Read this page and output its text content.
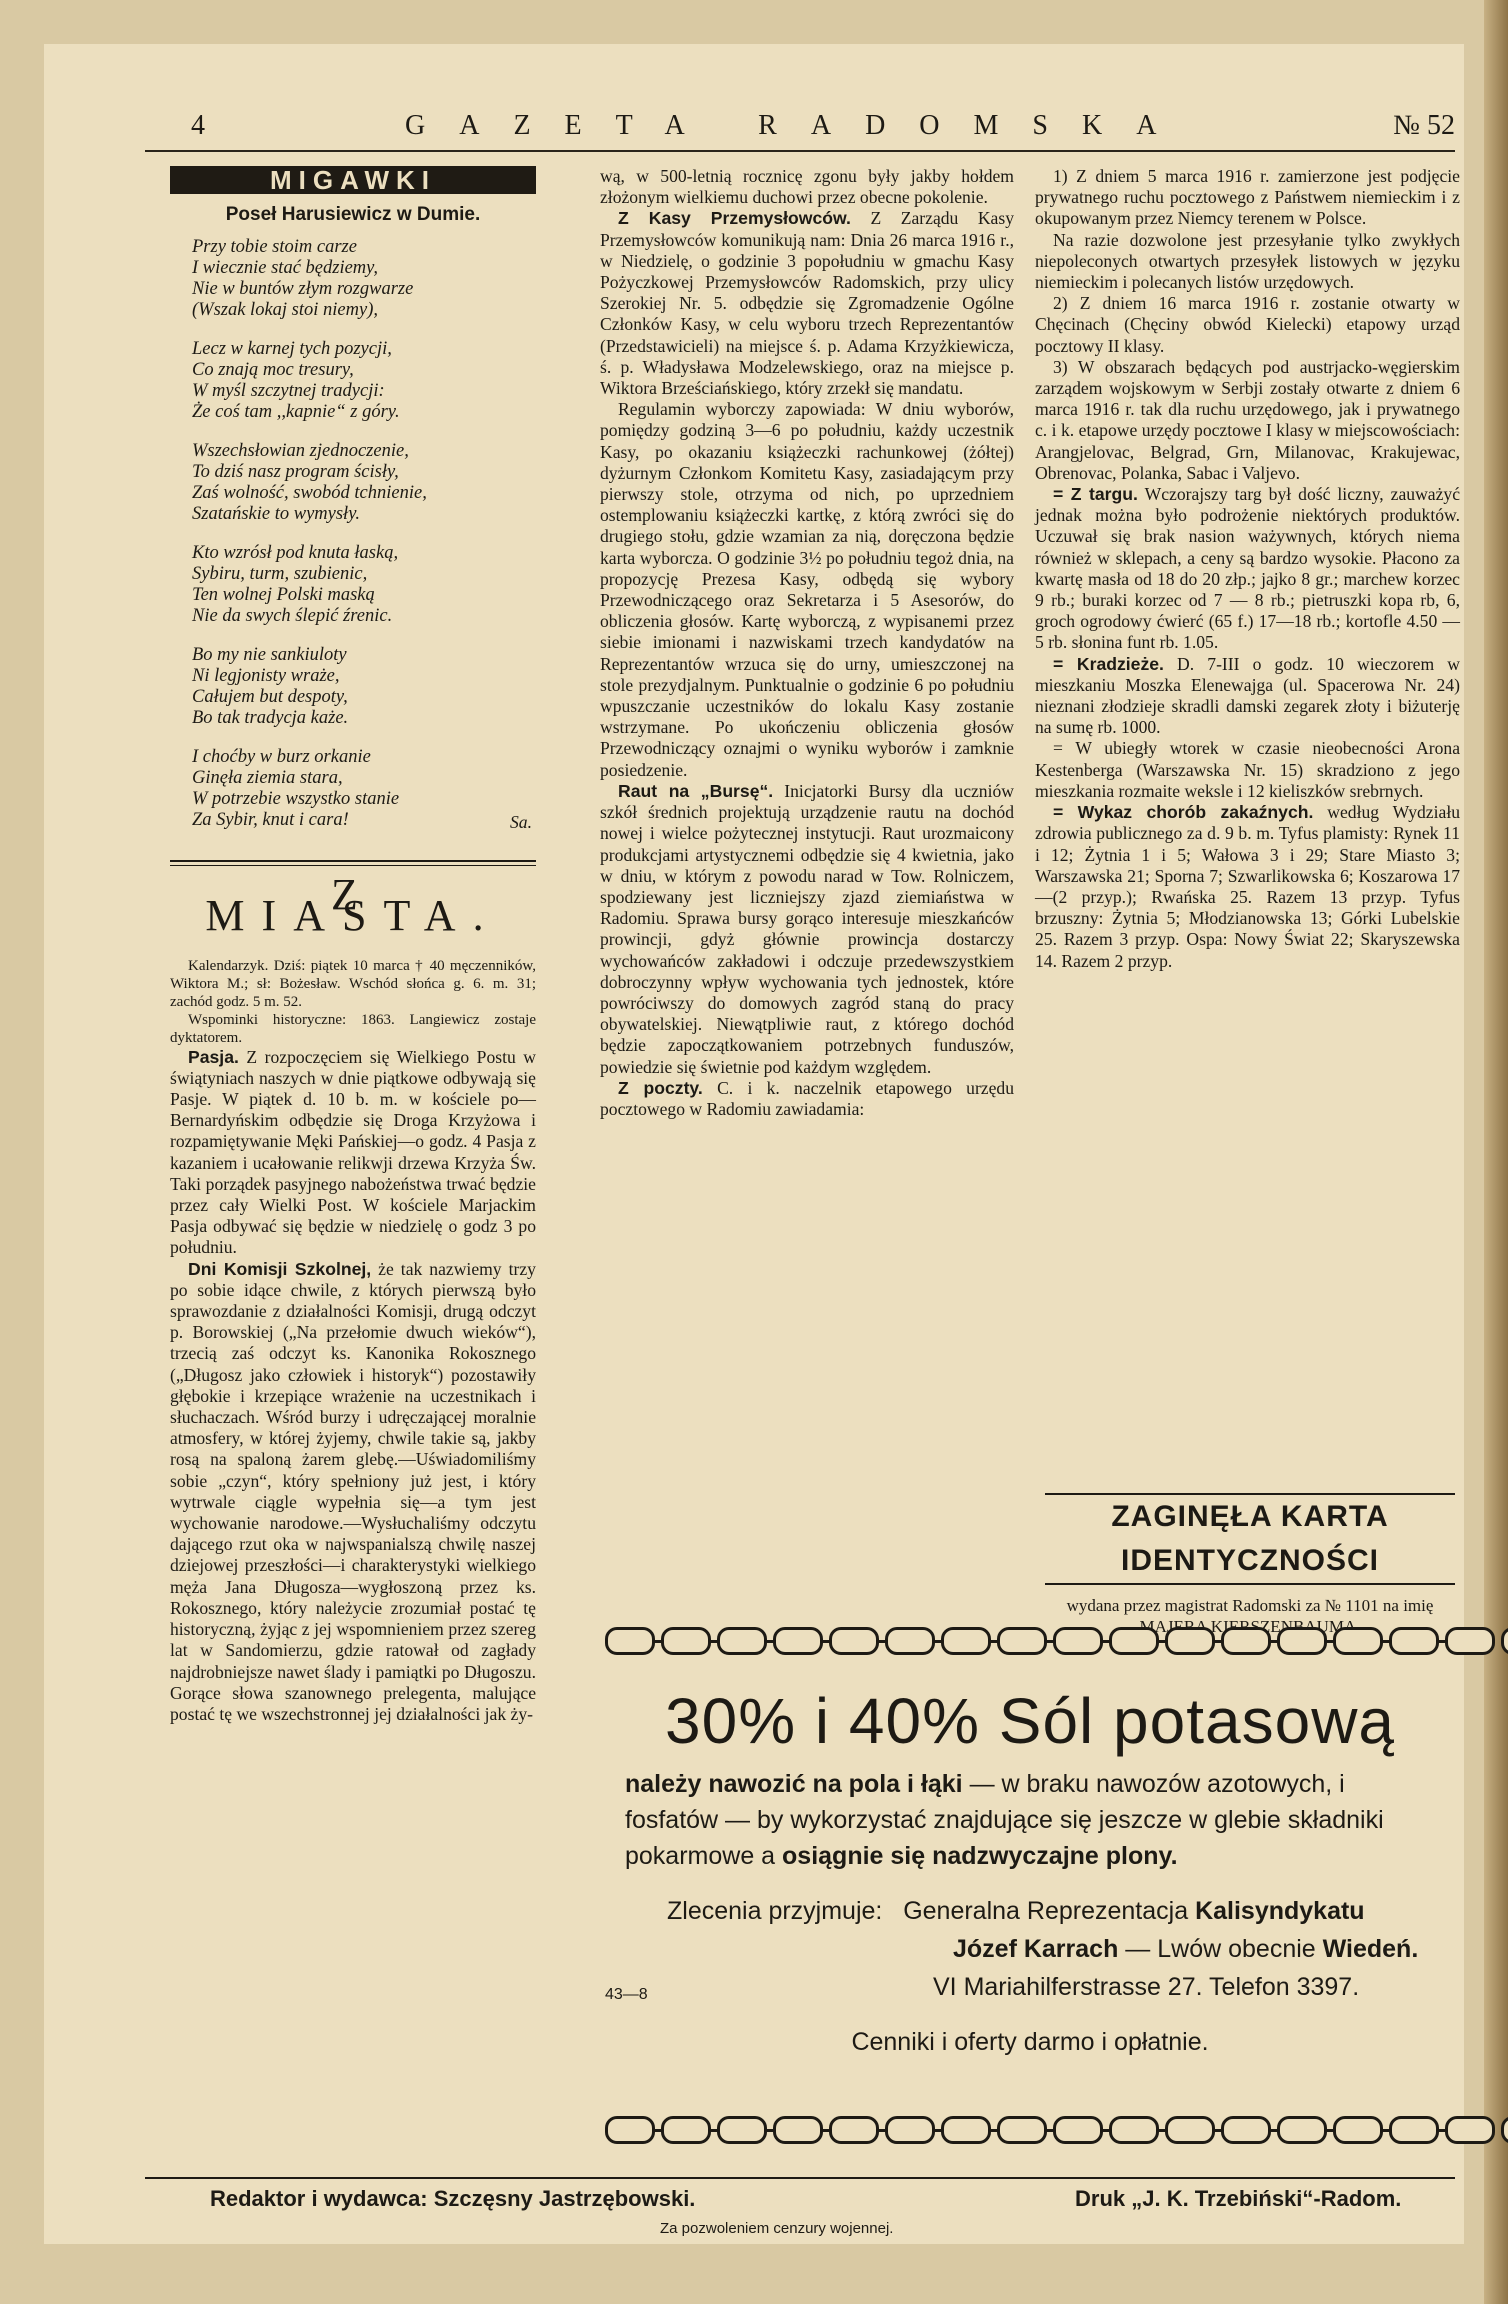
4	GAZETA RADOMSKA	№ 52
MIGAWKI
Poseł Harusiewicz w Dumie.
Przy tobie stoim carze
I wiecznie stać będziemy,
Nie w buntów złym rozgwarze
(Wszak lokaj stoi niemy),
Lecz w karnej tych pozycji,
Co znają moc tresury,
W myśl szczytnej tradycji:
Że coś tam ,,kapnie“ z góry.
Wszechsłowian zjednoczenie,
To dziś nasz program ścisły,
Zaś wolność, swobód tchnienie,
Szatańskie to wymysły.
Kto wzrósł pod knuta łaską,
Sybiru, turm, szubienic,
Ten wolnej Polski maską
Nie da swych ślepić źrenic.
Bo my nie sankiuloty
Ni legjonisty wraże,
Całujem but despoty,
Bo tak tradycja każe.
I choćby w burz orkanie
Ginęła ziemia stara,
W potrzebie wszystko stanie
Za Sybir, knut i cara!	Sa.
Z MIASTA.

Kalendarzyk. Dziś: piątek 10 marca † 40 męczenników, Wiktora M.; sł: Bożesław. Wschód słońca g. 6. m. 31; zachód godz. 5 m. 52.

Wspominki historyczne: 1863. Langiewicz zostaje dyktatorem.

Pasja. Z rozpoczęciem się Wielkiego Postu w świątyniach naszych w dnie piątkowe odbywają się Pasje. W piątek d. 10 b. m. w kościele po—Bernardyńskim odbędzie się Droga Krzyżowa i rozpamiętywanie Męki Pańskiej—o godz. 4 Pasja z kazaniem i ucałowanie relikwji drzewa Krzyża Św. Taki porządek pasyjnego nabożeństwa trwać będzie przez cały Wielki Post. W kościele Marjackim Pasja odbywać się będzie w niedzielę o godz 3 po południu.

Dni Komisji Szkolnej, że tak nazwiemy trzy po sobie idące chwile, z których pierwszą było sprawozdanie z działalności Komisji, drugą odczyt p. Borowskiej („Na przełomie dwuch wieków“), trzecią zaś odczyt ks. Kanonika Rokosznego („Długosz jako człowiek i historyk“) pozostawiły głębokie i krzepiące wrażenie na uczestnikach i słuchaczach. Wśród burzy i udręczającej moralnie atmosfery, w której żyjemy, chwile takie są, jakby rosą na spaloną żarem glebę.—Uświadomiliśmy sobie „czyn“, który spełniony już jest, i który wytrwale ciągle wypełnia się—a tym jest wychowanie narodowe.—Wysłuchaliśmy odczytu dającego rzut oka w najwspanialszą chwilę naszej dziejowej przeszłości—i charakterystyki wielkiego męża Jana Długosza—wygłoszoną przez ks. Rokosznego, który należycie zrozumiał postać tę historyczną, żyjąc z jej wspomnieniem przez szereg lat w Sandomierzu, gdzie ratował od zagłady najdrobniejsze nawet ślady i pamiątki po Długoszu. Gorące słowa szanownego prelegenta, malujące postać tę we wszechstronnej jej działalności jak ży-

wą, w 500-letnią rocznicę zgonu były jakby hołdem złożonym wielkiemu duchowi przez obecne pokolenie.

Z Kasy Przemysłowców. Z Zarządu Kasy Przemysłowców komunikują nam: Dnia 26 marca 1916 r., w Niedzielę, o godzinie 3 popołudniu w gmachu Kasy Pożyczkowej Przemysłowców Radomskich, przy ulicy Szerokiej Nr. 5. odbędzie się Zgromadzenie Ogólne Członków Kasy, w celu wyboru trzech Reprezentantów (Przedstawicieli) na miejsce ś. p. Adama Krzyżkiewicza, ś. p. Władysława Modzelewskiego, oraz na miejsce p. Wiktora Brześciańskiego, który zrzekł się mandatu.

Regulamin wyborczy zapowiada: W dniu wyborów, pomiędzy godziną 3—6 po południu, każdy uczestnik Kasy, po okazaniu książeczki rachunkowej (żółtej) dyżurnym Członkom Komitetu Kasy, zasiadającym przy pierwszy stole, otrzyma od nich, po uprzedniem ostemplowaniu książeczki kartkę, z którą zwróci się do drugiego stołu, gdzie wzamian za nią, doręczona będzie karta wyborcza. O godzinie 3½ po południu tegoż dnia, na propozycję Prezesa Kasy, odbędą się wybory Przewodniczącego oraz Sekretarza i 5 Asesorów, do obliczenia głosów. Kartę wyborczą, z wypisanemi przez siebie imionami i nazwiskami trzech kandydatów na Reprezentantów wrzuca się do urny, umieszczonej na stole prezydjalnym. Punktualnie o godzinie 6 po południu wpuszczanie uczestników do lokalu Kasy zostanie wstrzymane. Po ukończeniu obliczenia głosów Przewodniczący oznajmi o wyniku wyborów i zamknie posiedzenie.

Raut na „Bursę“. Inicjatorki Bursy dla uczniów szkół średnich projektują urządzenie rautu na dochód nowej i wielce pożytecznej instytucji. Raut urozmaicony produkcjami artystycznemi odbędzie się 4 kwietnia, jako w dniu, w którym z powodu narad w Tow. Rolniczem, spodziewany jest liczniejszy zjazd ziemiaństwa w Radomiu. Sprawa bursy gorąco interesuje mieszkańców prowincji, gdyż głównie prowincja dostarczy wychowańców zakładowi i odczuje przedewszystkiem dobroczynny wpływ wychowania tych jednostek, które powróciwszy do domowych zagród staną do pracy obywatelskiej. Niewątpliwie raut, z którego dochód będzie zapoczątkowaniem potrzebnych funduszów, powiedzie się świetnie pod każdym względem.

Z poczty. C. i k. naczelnik etapowego urzędu pocztowego w Radomiu zawiadamia:

1) Z dniem 5 marca 1916 r. zamierzone jest podjęcie prywatnego ruchu pocztowego z Państwem niemieckim i z okupowanym przez Niemcy terenem w Polsce.

Na razie dozwolone jest przesyłanie tylko zwykłych niepoleconych otwartych przesyłek listowych w języku niemieckim i polecanych listów urzędowych.

2) Z dniem 16 marca 1916 r. zostanie otwarty w Chęcinach (Chęciny obwód Kielecki) etapowy urząd pocztowy II klasy.

3) W obszarach będących pod austrjacko-węgierskim zarządem wojskowym w Serbji zostały otwarte z dniem 6 marca 1916 r. tak dla ruchu urzędowego, jak i prywatnego c. i k. etapowe urzędy pocztowe I klasy w miejscowościach: Arangjelovac, Belgrad, Grn, Milanovac, Krakujewac, Obrenovac, Polanka, Sabac i Valjevo.

= Z targu. Wczorajszy targ był dość liczny, zauważyć jednak można było podrożenie niektórych produktów. Uczuwał się brak nasion ważywnych, których niema również w sklepach, a ceny są bardzo wysokie. Płacono za kwartę masła od 18 do 20 złp.; jajko 8 gr.; marchew korzec 9 rb.; buraki korzec od 7 — 8 rb.; pietruszki kopa rb, 6, groch ogrodowy ćwierć (65 f.) 17—18 rb.; kortofle 4.50 —5 rb. słonina funt rb. 1.05.

= Kradzieże. D. 7-III o godz. 10 wieczorem w mieszkaniu Moszka Elenewajga (ul. Spacerowa Nr. 24) nieznani złodzieje skradli damski zegarek złoty i biżuterję na sumę rb. 1000.

= W ubiegły wtorek w czasie nieobecności Arona Kestenberga (Warszawska Nr. 15) skradziono z jego mieszkania rozmaite weksle i 12 kieliszków srebrnych.

= Wykaz chorób zakaźnych. według Wydziału zdrowia publicznego za d. 9 b. m. Tyfus plamisty: Rynek 11 i 12; Żytnia 1 i 5; Wałowa 3 i 29; Stare Miasto 3; Warszawska 21; Sporna 7; Szwarlikowska 6; Koszarowa 17—(2 przyp.); Rwańska 25. Razem 13 przyp. Tyfus brzuszny: Żytnia 5; Młodzianowska 13; Górki Lubelskie 25. Razem 3 przyp. Ospa: Nowy Świat 22; Skaryszewska 14. Razem 2 przyp.

ZAGINĘŁA KARTA IDENTYCZNOŚCI
wydana przez magistrat Radomski za № 1101 na imię
30% i 40% Sól potasową
należy nawozić na pola i łąki — w braku nawozów azotowych, i fosfatów — by wykorzystać znajdujące się jeszcze w glebie składniki pokarmowe a osiągnie się nadzwyczajne plony.
Zlecenia przyjmuje: Generalna Reprezentacja Kalisyndykatu
Józef Karrach — Lwów obecnie Wiedeń.
VI Mariahilferstrasse 27. Telefon 3397.
43—8
Cenniki i oferty darmo i opłatnie.
Redaktor i wydawca: Szczęsny Jastrzębowski.	Druk „J. K. Trzebiński“-Radom.
Za pozwoleniem cenzury wojennej.
